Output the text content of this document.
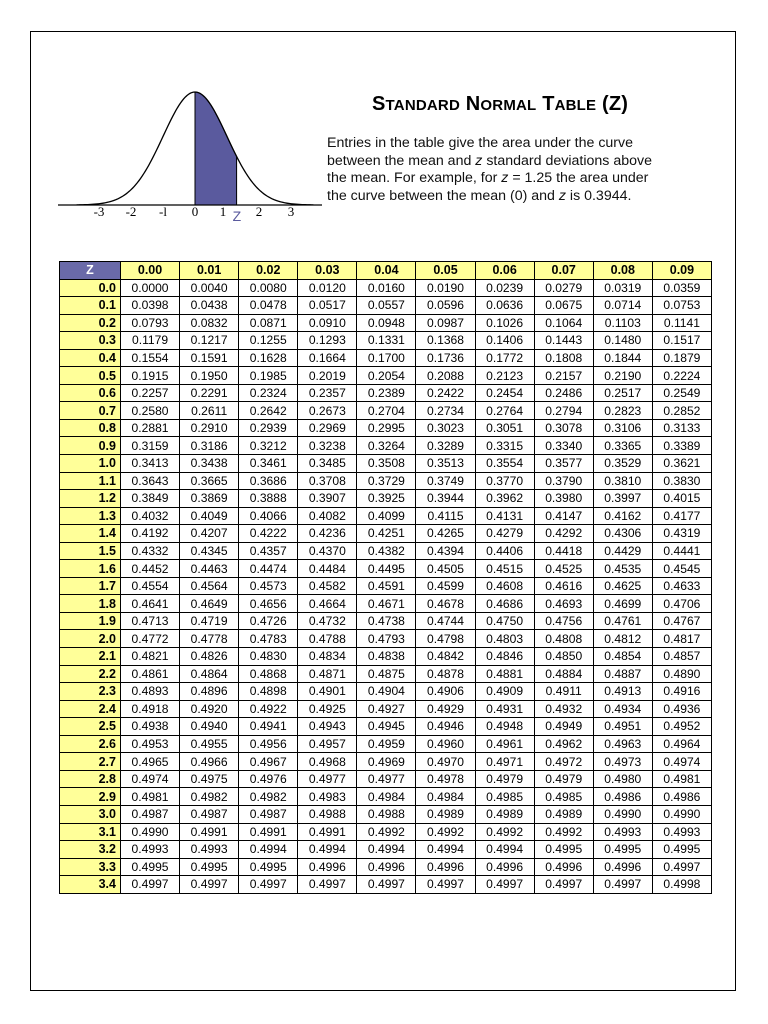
-3 -2 -l 0 1 2 3
Z
STANDARD NORMAL TABLE (Z)
Entries in the table give the area under the curve
between the mean and z standard deviations above
the mean. For example, for z = 1.25 the area under
the curve between the mean (0) and z is 0.3944.
Z	0.00	0.01	0.02	0.03	0.04	0.05	0.06	0.07	0.08	0.09
0.0	0.0000	0.0040	0.0080	0.0120	0.0160	0.0190	0.0239	0.0279	0.0319	0.0359
0.1	0.0398	0.0438	0.0478	0.0517	0.0557	0.0596	0.0636	0.0675	0.0714	0.0753
0.2	0.0793	0.0832	0.0871	0.0910	0.0948	0.0987	0.1026	0.1064	0.1103	0.1141
0.3	0.1179	0.1217	0.1255	0.1293	0.1331	0.1368	0.1406	0.1443	0.1480	0.1517
0.4	0.1554	0.1591	0.1628	0.1664	0.1700	0.1736	0.1772	0.1808	0.1844	0.1879
0.5	0.1915	0.1950	0.1985	0.2019	0.2054	0.2088	0.2123	0.2157	0.2190	0.2224
0.6	0.2257	0.2291	0.2324	0.2357	0.2389	0.2422	0.2454	0.2486	0.2517	0.2549
0.7	0.2580	0.2611	0.2642	0.2673	0.2704	0.2734	0.2764	0.2794	0.2823	0.2852
0.8	0.2881	0.2910	0.2939	0.2969	0.2995	0.3023	0.3051	0.3078	0.3106	0.3133
0.9	0.3159	0.3186	0.3212	0.3238	0.3264	0.3289	0.3315	0.3340	0.3365	0.3389
1.0	0.3413	0.3438	0.3461	0.3485	0.3508	0.3513	0.3554	0.3577	0.3529	0.3621
1.1	0.3643	0.3665	0.3686	0.3708	0.3729	0.3749	0.3770	0.3790	0.3810	0.3830
1.2	0.3849	0.3869	0.3888	0.3907	0.3925	0.3944	0.3962	0.3980	0.3997	0.4015
1.3	0.4032	0.4049	0.4066	0.4082	0.4099	0.4115	0.4131	0.4147	0.4162	0.4177
1.4	0.4192	0.4207	0.4222	0.4236	0.4251	0.4265	0.4279	0.4292	0.4306	0.4319
1.5	0.4332	0.4345	0.4357	0.4370	0.4382	0.4394	0.4406	0.4418	0.4429	0.4441
1.6	0.4452	0.4463	0.4474	0.4484	0.4495	0.4505	0.4515	0.4525	0.4535	0.4545
1.7	0.4554	0.4564	0.4573	0.4582	0.4591	0.4599	0.4608	0.4616	0.4625	0.4633
1.8	0.4641	0.4649	0.4656	0.4664	0.4671	0.4678	0.4686	0.4693	0.4699	0.4706
1.9	0.4713	0.4719	0.4726	0.4732	0.4738	0.4744	0.4750	0.4756	0.4761	0.4767
2.0	0.4772	0.4778	0.4783	0.4788	0.4793	0.4798	0.4803	0.4808	0.4812	0.4817
2.1	0.4821	0.4826	0.4830	0.4834	0.4838	0.4842	0.4846	0.4850	0.4854	0.4857
2.2	0.4861	0.4864	0.4868	0.4871	0.4875	0.4878	0.4881	0.4884	0.4887	0.4890
2.3	0.4893	0.4896	0.4898	0.4901	0.4904	0.4906	0.4909	0.4911	0.4913	0.4916
2.4	0.4918	0.4920	0.4922	0.4925	0.4927	0.4929	0.4931	0.4932	0.4934	0.4936
2.5	0.4938	0.4940	0.4941	0.4943	0.4945	0.4946	0.4948	0.4949	0.4951	0.4952
2.6	0.4953	0.4955	0.4956	0.4957	0.4959	0.4960	0.4961	0.4962	0.4963	0.4964
2.7	0.4965	0.4966	0.4967	0.4968	0.4969	0.4970	0.4971	0.4972	0.4973	0.4974
2.8	0.4974	0.4975	0.4976	0.4977	0.4977	0.4978	0.4979	0.4979	0.4980	0.4981
2.9	0.4981	0.4982	0.4982	0.4983	0.4984	0.4984	0.4985	0.4985	0.4986	0.4986
3.0	0.4987	0.4987	0.4987	0.4988	0.4988	0.4989	0.4989	0.4989	0.4990	0.4990
3.1	0.4990	0.4991	0.4991	0.4991	0.4992	0.4992	0.4992	0.4992	0.4993	0.4993
3.2	0.4993	0.4993	0.4994	0.4994	0.4994	0.4994	0.4994	0.4995	0.4995	0.4995
3.3	0.4995	0.4995	0.4995	0.4996	0.4996	0.4996	0.4996	0.4996	0.4996	0.4997
3.4	0.4997	0.4997	0.4997	0.4997	0.4997	0.4997	0.4997	0.4997	0.4997	0.4998
